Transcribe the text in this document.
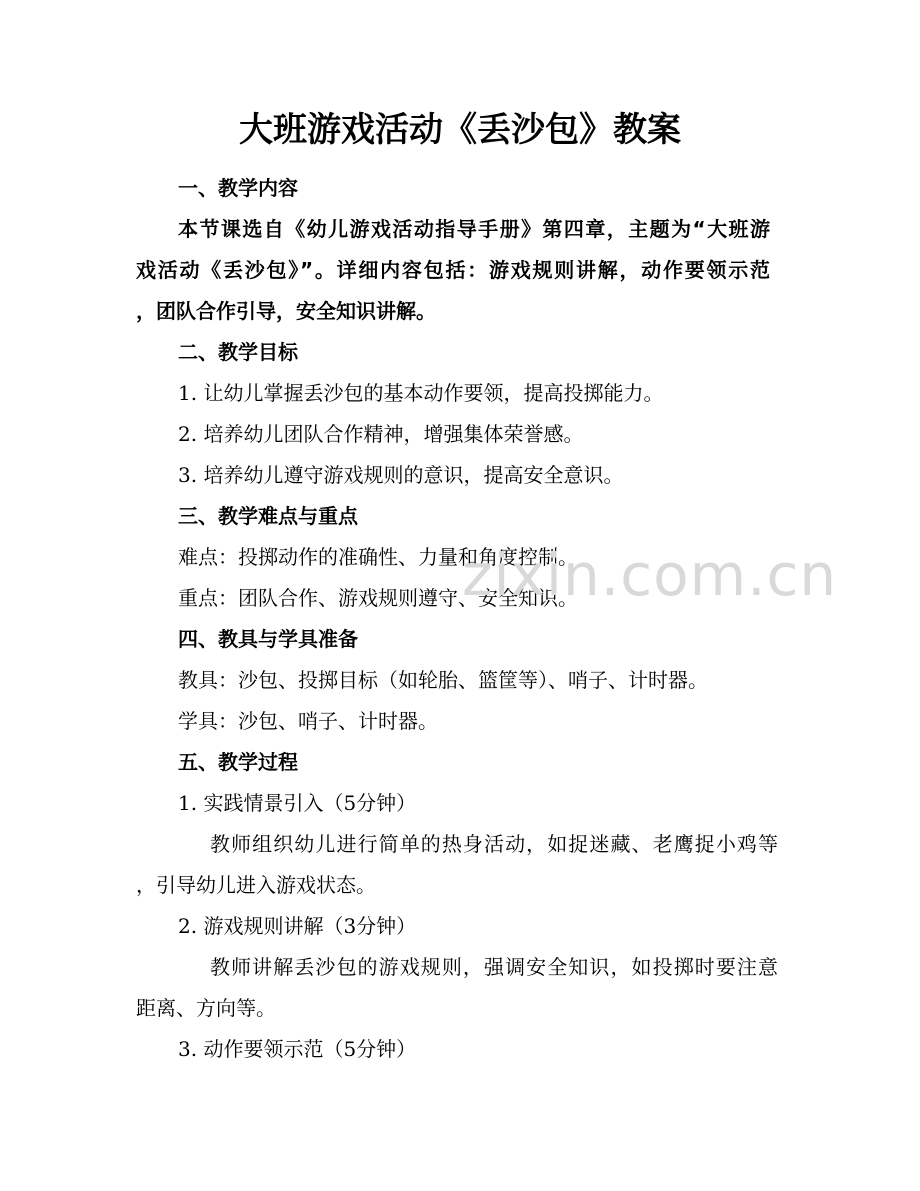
大班游戏活动《丢沙包》教案
一、教学内容
本节课选自《幼儿游戏活动指导手册》第四章，主题为“大班游
戏活动《丢沙包》”。详细内容包括：游戏规则讲解，动作要领示范
，团队合作引导，安全知识讲解。
二、教学目标
1. 让幼儿掌握丢沙包的基本动作要领，提高投掷能力。
2. 培养幼儿团队合作精神，增强集体荣誉感。
3. 培养幼儿遵守游戏规则的意识，提高安全意识。
三、教学难点与重点
难点：投掷动作的准确性、力量和角度控制。
重点：团队合作、游戏规则遵守、安全知识。
四、教具与学具准备
教具：沙包、投掷目标（如轮胎、篮筐等）、哨子、计时器。
学具：沙包、哨子、计时器。
五、教学过程
1. 实践情景引入（5分钟）
教师组织幼儿进行简单的热身活动，如捉迷藏、老鹰捉小鸡等
，引导幼儿进入游戏状态。
2. 游戏规则讲解（3分钟）
教师讲解丢沙包的游戏规则，强调安全知识，如投掷时要注意
距离、方向等。
3. 动作要领示范（5分钟）
zixin.com.cn
